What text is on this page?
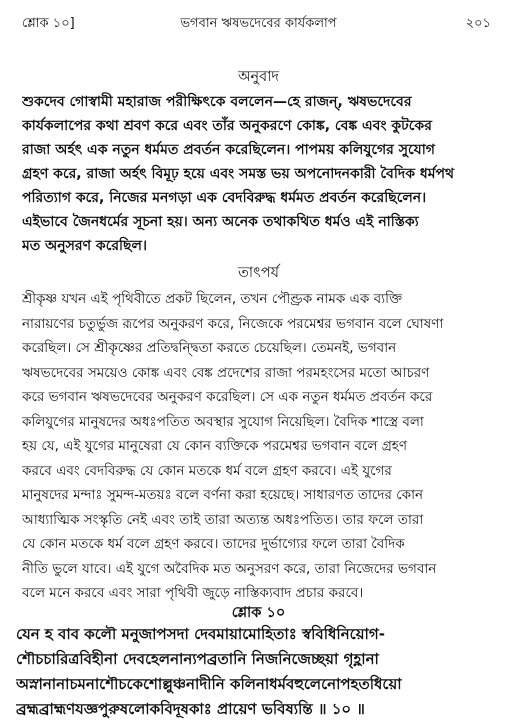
শ্লোক ১০]	ভগবান ঋষভদেবের কার্যকলাপ	২০১
অনুবাদ
শুকদেব গোস্বামী মহারাজ পরীক্ষিৎকে বললেন—হে রাজন্, ঋষভদেবের
কার্যকলাপের কথা শ্রবণ করে এবং তাঁর অনুকরণে কোঙ্ক, বেঙ্ক এবং কুটকের
রাজা অর্হৎ এক নতুন ধর্মমত প্রবর্তন করেছিলেন। পাপময় কলিযুগের সুযোগ
গ্রহণ করে, রাজা অর্হৎ বিমূঢ় হয়ে এবং সমস্ত ভয় অপনোদনকারী বৈদিক ধর্মপথ
পরিত্যাগ করে, নিজের মনগড়া এক বেদবিরুদ্ধ ধর্মমত প্রবর্তন করেছিলেন।
এইভাবে জৈনধর্মের সূচনা হয়। অন্য অনেক তথাকথিত ধর্মও এই নাস্তিক্য
মত অনুসরণ করেছিল।
তাৎপর্য
শ্রীকৃষ্ণ যখন এই পৃথিবীতে প্রকট ছিলেন, তখন পৌণ্ড্রক নামক এক ব্যক্তি
নারায়ণের চতুর্ভুজ রূপের অনুকরণ করে, নিজেকে পরমেশ্বর ভগবান বলে ঘোষণা
করেছিল। সে শ্রীকৃষ্ণের প্রতিদ্বন্দ্বিতা করতে চেয়েছিল। তেমনই, ভগবান
ঋষভদেবের সময়েও কোঙ্ক এবং বেঙ্ক প্রদেশের রাজা পরমহংসের মতো আচরণ
করে ভগবান ঋষভদেবের অনুকরণ করেছিল। সে এক নতুন ধর্মমত প্রবর্তন করে
কলিযুগের মানুষদের অধঃপতিত অবস্থার সুযোগ নিয়েছিল। বৈদিক শাস্ত্রে বলা
হয় যে, এই যুগের মানুষেরা যে কোন ব্যক্তিকে পরমেশ্বর ভগবান বলে গ্রহণ
করবে এবং বেদবিরুদ্ধ যে কোন মতকে ধর্ম বলে গ্রহণ করবে। এই যুগের
মানুষদের মন্দাঃ সুমন্দ-মতয়ঃ বলে বর্ণনা করা হয়েছে। সাধারণত তাদের কোন
আধ্যাত্মিক সংস্কৃতি নেই এবং তাই তারা অত্যন্ত অধঃপতিত। তার ফলে তারা
যে কোন মতকে ধর্ম বলে গ্রহণ করবে। তাদের দুর্ভাগ্যের ফলে তারা বৈদিক
নীতি ভুলে যাবে। এই যুগে অবৈদিক মত অনুসরণ করে, তারা নিজেদের ভগবান
বলে মনে করবে এবং সারা পৃথিবী জুড়ে নাস্তিক্যবাদ প্রচার করবে।
শ্লোক ১০
যেন হ বাব কলৌ মনুজাপসদা দেবমায়ামোহিতাঃ স্ববিধিনিয়োগ-
শৌচচারিত্রবিহীনা দেবহেলনান্যপব্রতানি নিজনিজেচ্ছয়া গৃহ্ণানা
অস্নানানাচমনাশৌচকেশোল্লুঞ্চনাদীনি কলিনাধর্মবহুলেনোপহতধিয়ো
ব্রহ্মব্রাহ্মণযজ্ঞপুরুষলোকবিদূষকাঃ প্রায়েণ ভবিষ্যন্তি ॥ ১০ ॥
